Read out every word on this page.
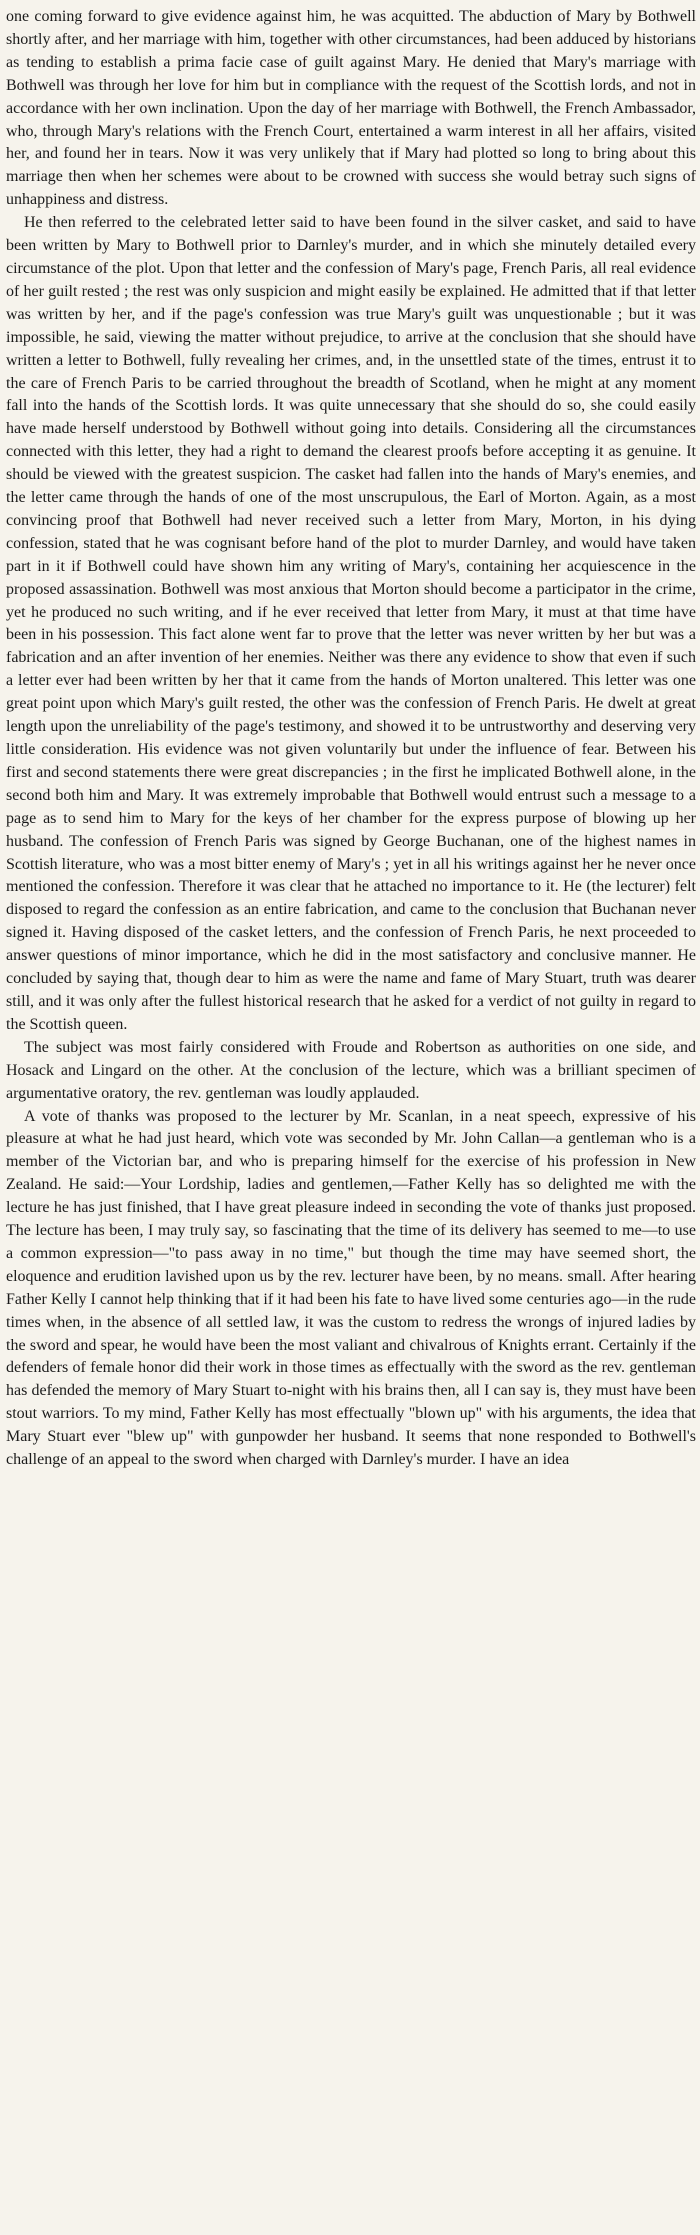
one coming forward to give evidence against him, he was acquitted. The abduction of Mary by Bothwell shortly after, and her marriage with him, together with other circumstances, had been adduced by historians as tending to establish a prima facie case of guilt against Mary. He denied that Mary's marriage with Bothwell was through her love for him but in compliance with the request of the Scottish lords, and not in accordance with her own inclination. Upon the day of her marriage with Bothwell, the French Ambassador, who, through Mary's relations with the French Court, entertained a warm interest in all her affairs, visited her, and found her in tears. Now it was very unlikely that if Mary had plotted so long to bring about this marriage then when her schemes were about to be crowned with success she would betray such signs of unhappiness and distress.

He then referred to the celebrated letter said to have been found in the silver casket, and said to have been written by Mary to Bothwell prior to Darnley's murder, and in which she minutely detailed every circumstance of the plot. Upon that letter and the confession of Mary's page, French Paris, all real evidence of her guilt rested ; the rest was only suspicion and might easily be explained. He admitted that if that letter was written by her, and if the page's confession was true Mary's guilt was unquestionable ; but it was impossible, he said, viewing the matter without prejudice, to arrive at the conclusion that she should have written a letter to Bothwell, fully revealing her crimes, and, in the unsettled state of the times, entrust it to the care of French Paris to be carried throughout the breadth of Scotland, when he might at any moment fall into the hands of the Scottish lords. It was quite unnecessary that she should do so, she could easily have made herself understood by Bothwell without going into details. Considering all the circumstances connected with this letter, they had a right to demand the clearest proofs before accepting it as genuine. It should be viewed with the greatest suspicion. The casket had fallen into the hands of Mary's enemies, and the letter came through the hands of one of the most unscrupulous, the Earl of Morton. Again, as a most convincing proof that Bothwell had never received such a letter from Mary, Morton, in his dying confession, stated that he was cognisant before hand of the plot to murder Darnley, and would have taken part in it if Bothwell could have shown him any writing of Mary's, containing her acquiescence in the proposed assassination. Bothwell was most anxious that Morton should become a participator in the crime, yet he produced no such writing, and if he ever received that letter from Mary, it must at that time have been in his possession. This fact alone went far to prove that the letter was never written by her but was a fabrication and an after invention of her enemies. Neither was there any evidence to show that even if such a letter ever had been written by her that it came from the hands of Morton unaltered. This letter was one great point upon which Mary's guilt rested, the other was the confession of French Paris. He dwelt at great length upon the unreliability of the page's testimony, and showed it to be untrustworthy and deserving very little consideration. His evidence was not given voluntarily but under the influence of fear. Between his first and second statements there were great discrepancies ; in the first he implicated Bothwell alone, in the second both him and Mary. It was extremely improbable that Bothwell would entrust such a message to a page as to send him to Mary for the keys of her chamber for the express purpose of blowing up her husband. The confession of French Paris was signed by George Buchanan, one of the highest names in Scottish literature, who was a most bitter enemy of Mary's ; yet in all his writings against her he never once mentioned the confession. Therefore it was clear that he attached no importance to it. He (the lecturer) felt disposed to regard the confession as an entire fabrication, and came to the conclusion that Buchanan never signed it. Having disposed of the casket letters, and the confession of French Paris, he next proceeded to answer questions of minor importance, which he did in the most satisfactory and conclusive manner. He concluded by saying that, though dear to him as were the name and fame of Mary Stuart, truth was dearer still, and it was only after the fullest historical research that he asked for a verdict of not guilty in regard to the Scottish queen.

The subject was most fairly considered with Froude and Robertson as authorities on one side, and Hosack and Lingard on the other. At the conclusion of the lecture, which was a brilliant specimen of argumentative oratory, the rev. gentleman was loudly applauded.

A vote of thanks was proposed to the lecturer by Mr. Scanlan, in a neat speech, expressive of his pleasure at what he had just heard, which vote was seconded by Mr. John Callan—a gentleman who is a member of the Victorian bar, and who is preparing himself for the exercise of his profession in New Zealand. He said:—Your Lordship, ladies and gentlemen,—Father Kelly has so delighted me with the lecture he has just finished, that I have great pleasure indeed in seconding the vote of thanks just proposed. The lecture has been, I may truly say, so fascinating that the time of its delivery has seemed to me—to use a common expression—"to pass away in no time," but though the time may have seemed short, the eloquence and erudition lavished upon us by the rev. lecturer have been, by no means. small. After hearing Father Kelly I cannot help thinking that if it had been his fate to have lived some centuries ago—in the rude times when, in the absence of all settled law, it was the custom to redress the wrongs of injured ladies by the sword and spear, he would have been the most valiant and chivalrous of Knights errant. Certainly if the defenders of female honor did their work in those times as effectually with the sword as the rev. gentleman has defended the memory of Mary Stuart to-night with his brains then, all I can say is, they must have been stout warriors. To my mind, Father Kelly has most effectually "blown up" with his arguments, the idea that Mary Stuart ever "blew up" with gunpowder her husband. It seems that none responded to Bothwell's challenge of an appeal to the sword when charged with Darnley's murder. I have an idea
